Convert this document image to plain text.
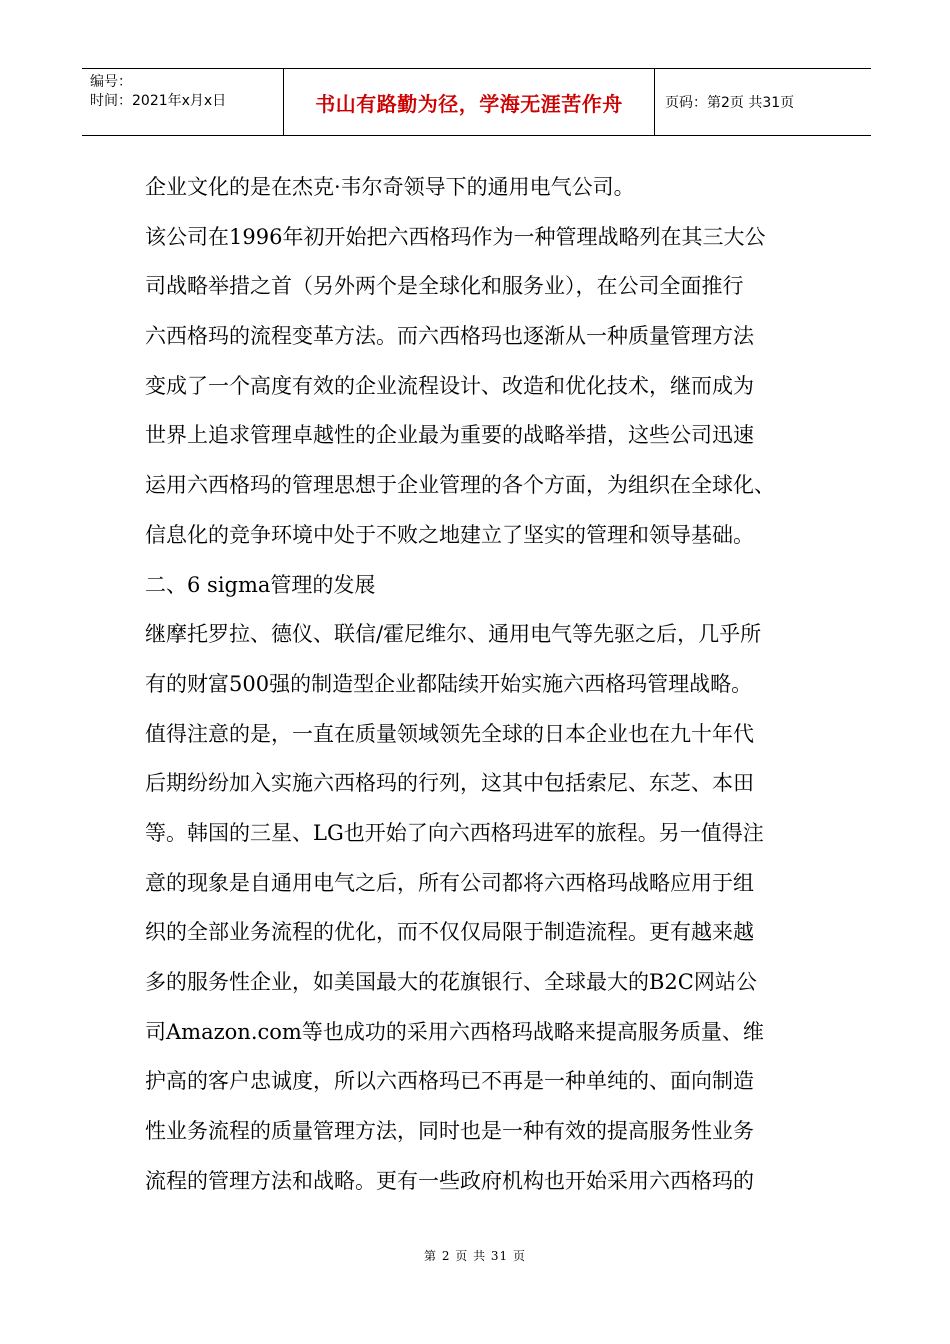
编号：
时间：2021年x月x日	书山有路勤为径，学海无涯苦作舟	页码：第2页 共31页

企业文化的是在杰克·韦尔奇领导下的通用电气公司。

该公司在1996年初开始把六西格玛作为一种管理战略列在其三大公

司战略举措之首（另外两个是全球化和服务业），在公司全面推行

六西格玛的流程变革方法。而六西格玛也逐渐从一种质量管理方法

变成了一个高度有效的企业流程设计、改造和优化技术，继而成为

世界上追求管理卓越性的企业最为重要的战略举措，这些公司迅速

运用六西格玛的管理思想于企业管理的各个方面，为组织在全球化、

信息化的竞争环境中处于不败之地建立了坚实的管理和领导基础。

二、6 sigma管理的发展

继摩托罗拉、德仪、联信/霍尼维尔、通用电气等先驱之后，几乎所

有的财富500强的制造型企业都陆续开始实施六西格玛管理战略。

值得注意的是，一直在质量领域领先全球的日本企业也在九十年代

后期纷纷加入实施六西格玛的行列，这其中包括索尼、东芝、本田

等。韩国的三星、LG也开始了向六西格玛进军的旅程。另一值得注

意的现象是自通用电气之后，所有公司都将六西格玛战略应用于组

织的全部业务流程的优化，而不仅仅局限于制造流程。更有越来越

多的服务性企业，如美国最大的花旗银行、全球最大的B2C网站公

司Amazon.com等也成功的采用六西格玛战略来提高服务质量、维

护高的客户忠诚度，所以六西格玛已不再是一种单纯的、面向制造

性业务流程的质量管理方法，同时也是一种有效的提高服务性业务

流程的管理方法和战略。更有一些政府机构也开始采用六西格玛的

第 2 页 共 31 页
